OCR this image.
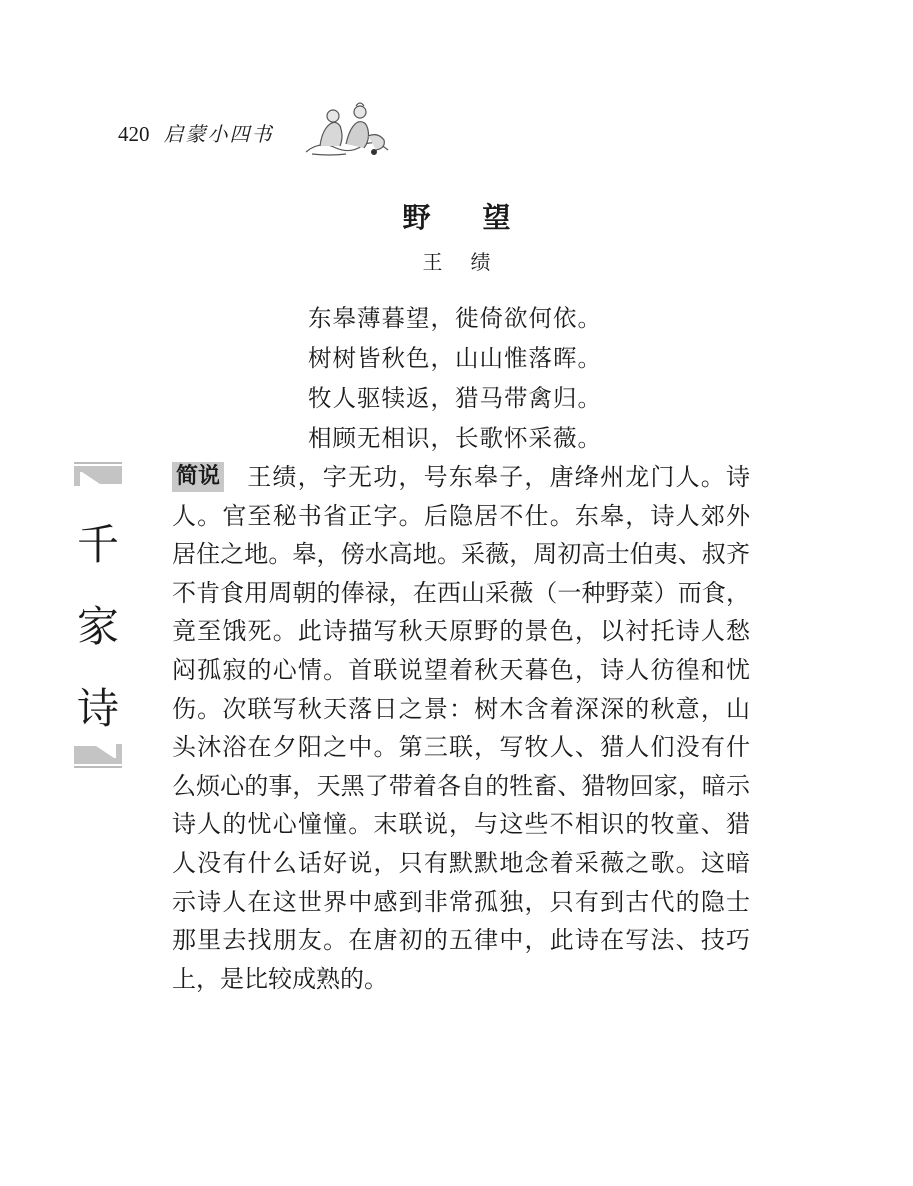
420 启蒙小四书
野望
王绩
东皋薄暮望，徙倚欲何依。
树树皆秋色，山山惟落晖。
牧人驱犊返，猎马带禽归。
相顾无相识，长歌怀采薇。
千
家
诗
简说 王绩，字无功，号东皋子，唐绛州龙门人。诗
人。官至秘书省正字。后隐居不仕。东皋，诗人郊外
居住之地。皋，傍水高地。采薇，周初高士伯夷、叔齐
不肯食用周朝的俸禄，在西山采薇（一种野菜）而食，
竟至饿死。此诗描写秋天原野的景色，以衬托诗人愁
闷孤寂的心情。首联说望着秋天暮色，诗人彷徨和忧
伤。次联写秋天落日之景：树木含着深深的秋意，山
头沐浴在夕阳之中。第三联，写牧人、猎人们没有什
么烦心的事，天黑了带着各自的牲畜、猎物回家，暗示
诗人的忧心憧憧。末联说，与这些不相识的牧童、猎
人没有什么话好说，只有默默地念着采薇之歌。这暗
示诗人在这世界中感到非常孤独，只有到古代的隐士
那里去找朋友。在唐初的五律中，此诗在写法、技巧
上，是比较成熟的。
